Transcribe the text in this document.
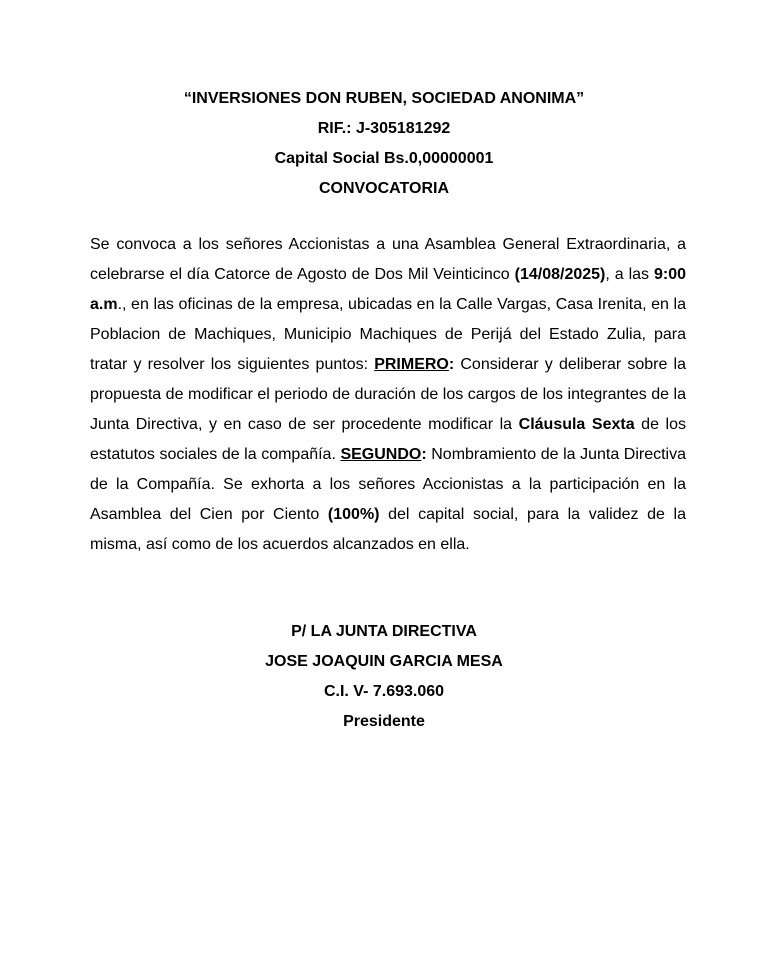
“INVERSIONES DON RUBEN, SOCIEDAD ANONIMA”
RIF.: J-305181292
Capital Social Bs.0,00000001
CONVOCATORIA

Se convoca a los señores Accionistas a una Asamblea General Extraordinaria, a celebrarse el día Catorce de Agosto de Dos Mil Veinticinco (14/08/2025), a las 9:00 a.m., en las oficinas de la empresa, ubicadas en la Calle Vargas, Casa Irenita, en la Poblacion de Machiques, Municipio Machiques de Perijá del Estado Zulia, para tratar y resolver los siguientes puntos: PRIMERO: Considerar y deliberar sobre la propuesta de modificar el periodo de duración de los cargos de los integrantes de la Junta Directiva, y en caso de ser procedente modificar la Cláusula Sexta de los estatutos sociales de la compañía. SEGUNDO: Nombramiento de la Junta Directiva de la Compañía. Se exhorta a los señores Accionistas a la participación en la Asamblea del Cien por Ciento (100%) del capital social, para la validez de la misma, así como de los acuerdos alcanzados en ella.

P/ LA JUNTA DIRECTIVA
JOSE JOAQUIN GARCIA MESA
C.I. V- 7.693.060
Presidente
